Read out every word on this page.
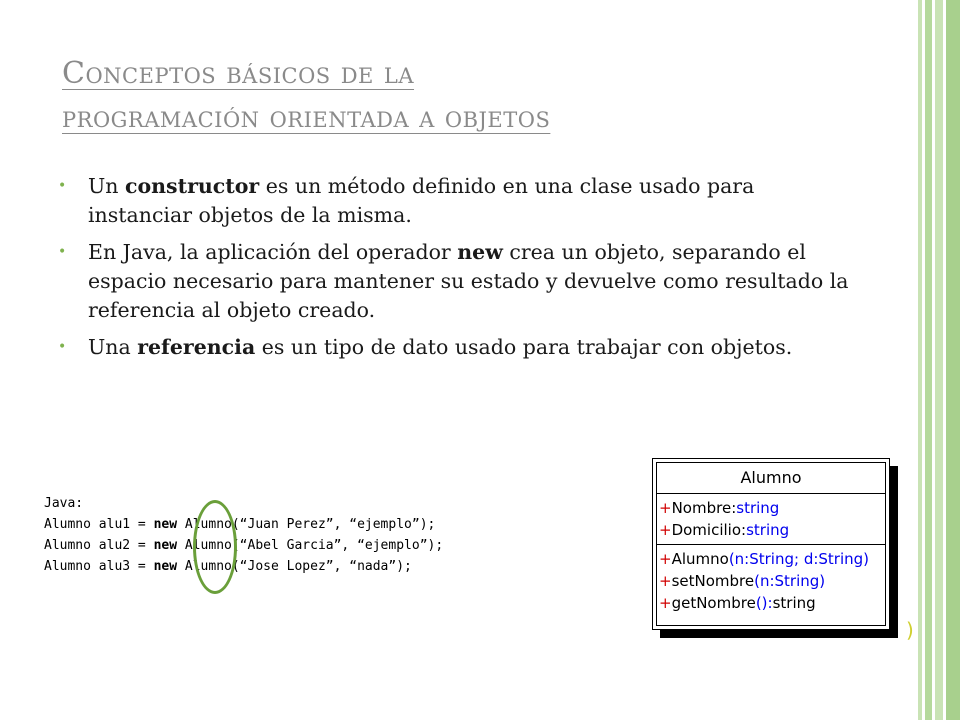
Conceptos básicos de la
programación orientada a objetos
• Un constructor es un método definido en una clase usado para instanciar objetos de la misma.
• En Java, la aplicación del operador new crea un objeto, separando el espacio necesario para mantener su estado y devuelve como resultado la referencia al objeto creado.
• Una referencia es un tipo de dato usado para trabajar con objetos.
Java:
Alumno alu1 = new Alumno(“Juan Perez”, “ejemplo”);
Alumno alu2 = new Alumno(“Abel Garcia”, “ejemplo”);
Alumno alu3 = new Alumno(“Jose Lopez”, “nada”);
Alumno
+Nombre:string
+Domicilio:string
+Alumno(n:String; d:String)
+setNombre(n:String)
+getNombre():string
)
